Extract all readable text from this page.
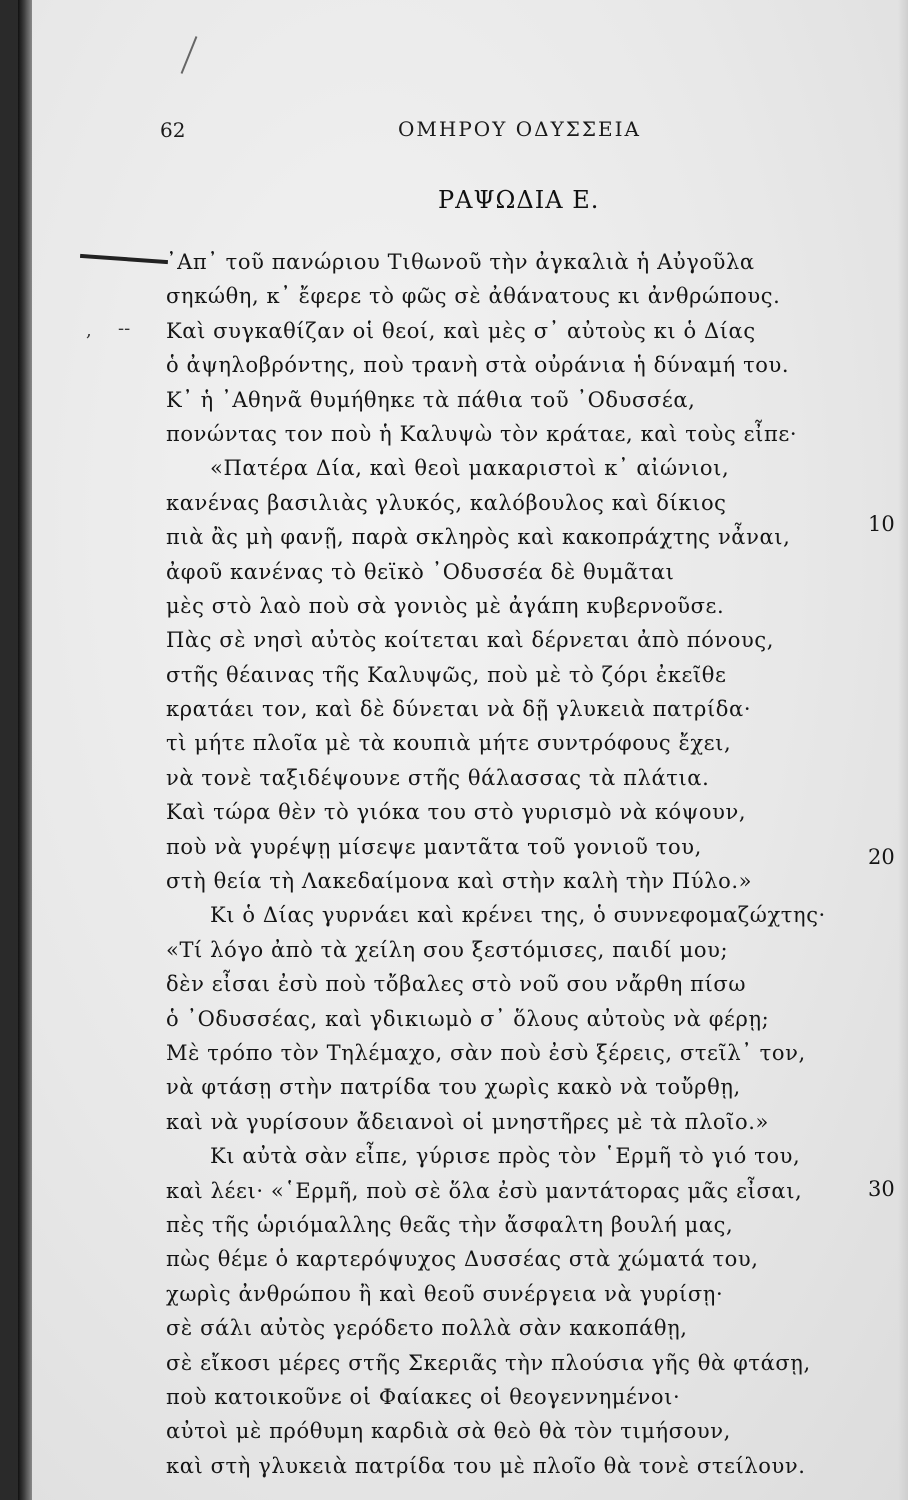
62	ΟΜΗΡΟΥ ΟΔΥΣΣΕΙΑ
ΡΑΨΩΔΙΑ Ε.
, --
᾿Απ᾿ τοῦ πανώριου Τιθωνοῦ τὴν ἀγκαλιὰ ἡ Αὐγοῦλα
σηκώθη, κ᾿ ἔφερε τὸ φῶς σὲ ἀθάνατους κι ἀνθρώπους.
Καὶ συγκαθίζαν οἱ θεοί, καὶ μὲς σ᾿ αὐτοὺς κι ὁ Δίας
ὁ ἀψηλοβρόντης, ποὺ τρανὴ στὰ οὐράνια ἡ δύναμή του.
Κ᾿ ἡ ᾿Αθηνᾶ θυμήθηκε τὰ πάθια τοῦ ᾿Οδυσσέα,
πονώντας τον ποὺ ἡ Καλυψὼ τὸν κράταε, καὶ τοὺς εἶπε·
«Πατέρα Δία, καὶ θεοὶ μακαριστοὶ κ᾿ αἰώνιοι,
κανένας βασιλιὰς γλυκός, καλόβουλος καὶ δίκιος
πιὰ ἂς μὴ φανῇ, παρὰ σκληρὸς καὶ κακοπράχτης νἆναι,
ἀφοῦ κανένας τὸ θεϊκὸ ᾿Οδυσσέα δὲ θυμᾶται
μὲς στὸ λαὸ ποὺ σὰ γονιὸς μὲ ἀγάπη κυβερνοῦσε.
Πὰς σὲ νησὶ αὐτὸς κοίτεται καὶ δέρνεται ἀπὸ πόνους,
στῆς θέαινας τῆς Καλυψῶς, ποὺ μὲ τὸ ζόρι ἐκεῖθε
κρατάει τον, καὶ δὲ δύνεται νὰ δῇ γλυκειὰ πατρίδα·
τὶ μήτε πλοῖα μὲ τὰ κουπιὰ μήτε συντρόφους ἔχει,
νὰ τονὲ ταξιδέψουνε στῆς θάλασσας τὰ πλάτια.
Καὶ τώρα θὲν τὸ γιόκα του στὸ γυρισμὸ νὰ κόψουν,
ποὺ νὰ γυρέψῃ μίσεψε μαντᾶτα τοῦ γονιοῦ του,
στὴ θεία τὴ Λακεδαίμονα καὶ στὴν καλὴ τὴν Πύλο.»
Κι ὁ Δίας γυρνάει καὶ κρένει της, ὁ συννεφομαζώχτης·
«Τί λόγο ἀπὸ τὰ χείλη σου ξεστόμισες, παιδί μου;
δὲν εἶσαι ἐσὺ ποὺ τὄβαλες στὸ νοῦ σου νἄρθη πίσω
ὁ ᾿Οδυσσέας, καὶ γδικιωμὸ σ᾿ ὅλους αὐτοὺς νὰ φέρῃ;
Μὲ τρόπο τὸν Τηλέμαχο, σὰν ποὺ ἐσὺ ξέρεις, στεῖλ᾿ τον,
νὰ φτάσῃ στὴν πατρίδα του χωρὶς κακὸ νὰ τοὔρθῃ,
καὶ νὰ γυρίσουν ἄδειανοὶ οἱ μνηστῆρες μὲ τὰ πλοῖο.»
Κι αὐτὰ σὰν εἶπε, γύρισε πρὸς τὸν ῾Ερμῆ τὸ γιό του,
καὶ λέει· «῾Ερμῆ, ποὺ σὲ ὅλα ἐσὺ μαντάτορας μᾶς εἶσαι,
πὲς τῆς ὡριόμαλλης θεᾶς τὴν ἄσφαλτη βουλή μας,
πὼς θέμε ὁ καρτερόψυχος Δυσσέας στὰ χώματά του,
χωρὶς ἀνθρώπου ἢ καὶ θεοῦ συνέργεια νὰ γυρίσῃ·
σὲ σάλι αὐτὸς γερόδετο πολλὰ σὰν κακοπάθῃ,
σὲ εἴκοσι μέρες στῆς Σκεριᾶς τὴν πλούσια γῆς θὰ φτάσῃ,
ποὺ κατοικοῦνε οἱ Φαίακες οἱ θεογεννημένοι·
αὐτοὶ μὲ πρόθυμη καρδιὰ σὰ θεὸ θὰ τὸν τιμήσουν,
καὶ στὴ γλυκειὰ πατρίδα του μὲ πλοῖο θὰ τονὲ στείλουν.
10
20
30
